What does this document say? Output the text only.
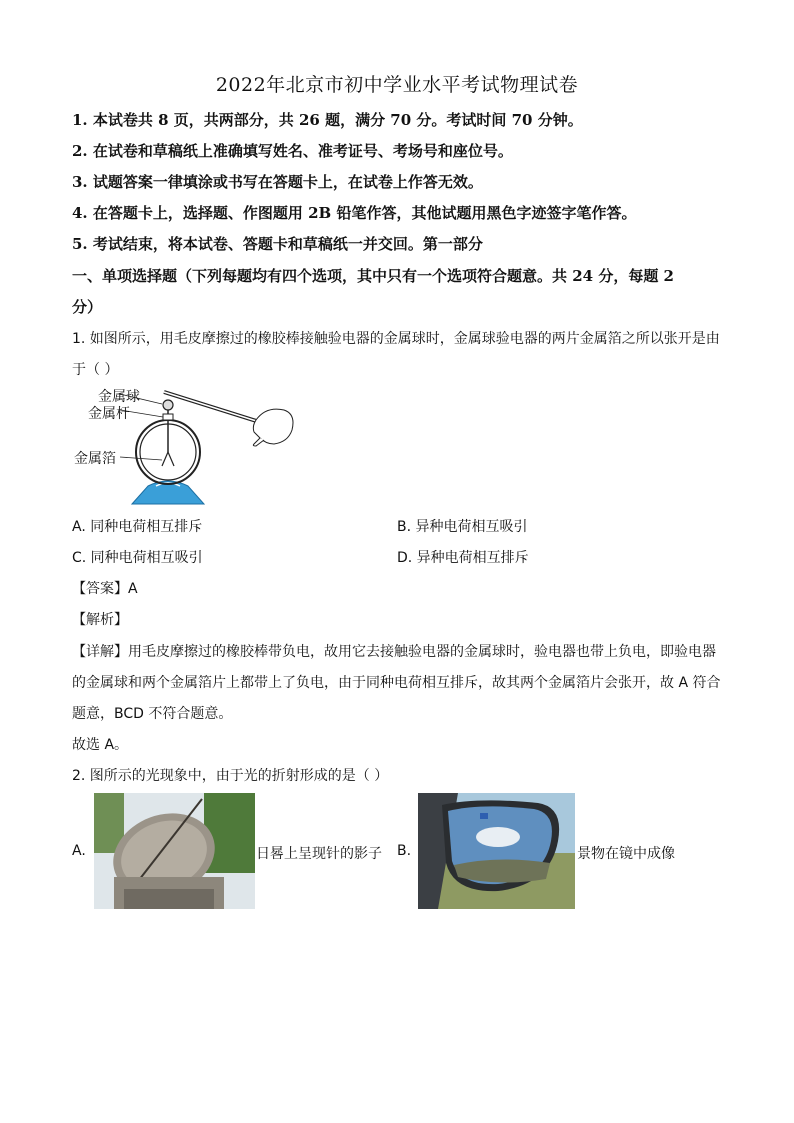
2022年北京市初中学业水平考试物理试卷
1. 本试卷共 8 页，共两部分，共 26 题，满分 70 分。考试时间 70 分钟。
2. 在试卷和草稿纸上准确填写姓名、准考证号、考场号和座位号。
3. 试题答案一律填涂或书写在答题卡上，在试卷上作答无效。
4. 在答题卡上，选择题、作图题用 2B 铅笔作答，其他试题用黑色字迹签字笔作答。
5. 考试结束，将本试卷、答题卡和草稿纸一并交回。第一部分
一、单项选择题（下列每题均有四个选项，其中只有一个选项符合题意。共 24 分，每题 2
分）
1. 如图所示，用毛皮摩擦过的橡胶棒接触验电器的金属球时，金属球验电器的两片金属箔之所以张开是由
于（ ）
金属球
金属杆
金属箔
A. 同种电荷相互排斥	B. 异种电荷相互吸引
C. 同种电荷相互吸引	D. 异种电荷相互排斥
【答案】A
【解析】
【详解】用毛皮摩擦过的橡胶棒带负电，故用它去接触验电器的金属球时，验电器也带上负电，即验电器
的金属球和两个金属箔片上都带上了负电，由于同种电荷相互排斥，故其两个金属箔片会张开，故 A 符合
题意，BCD 不符合题意。
故选 A。
2. 图所示的光现象中，由于光的折射形成的是（ ）
A.	日晷上呈现针的影子 B.	景物在镜中成像
